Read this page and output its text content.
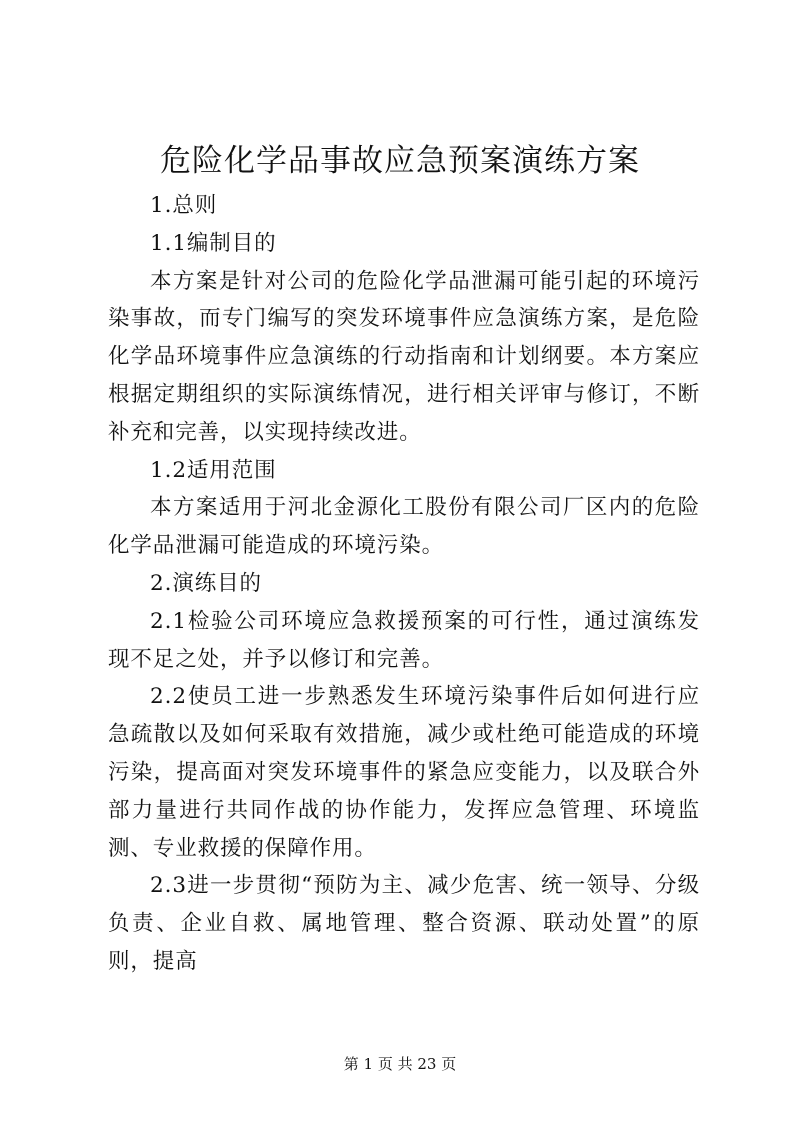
危险化学品事故应急预案演练方案

1.总则

1.1编制目的

本方案是针对公司的危险化学品泄漏可能引起的环境污染事故，而专门编写的突发环境事件应急演练方案，是危险化学品环境事件应急演练的行动指南和计划纲要。本方案应根据定期组织的实际演练情况，进行相关评审与修订，不断补充和完善，以实现持续改进。

1.2适用范围

本方案适用于河北金源化工股份有限公司厂区内的危险化学品泄漏可能造成的环境污染。

2.演练目的

2.1检验公司环境应急救援预案的可行性，通过演练发现不足之处，并予以修订和完善。

2.2使员工进一步熟悉发生环境污染事件后如何进行应急疏散以及如何采取有效措施，减少或杜绝可能造成的环境污染，提高面对突发环境事件的紧急应变能力，以及联合外部力量进行共同作战的协作能力，发挥应急管理、环境监测、专业救援的保障作用。

2.3进一步贯彻“预防为主、减少危害、统一领导、分级负责、企业自救、属地管理、整合资源、联动处置”的原则，提高

第 1 页 共 23 页
